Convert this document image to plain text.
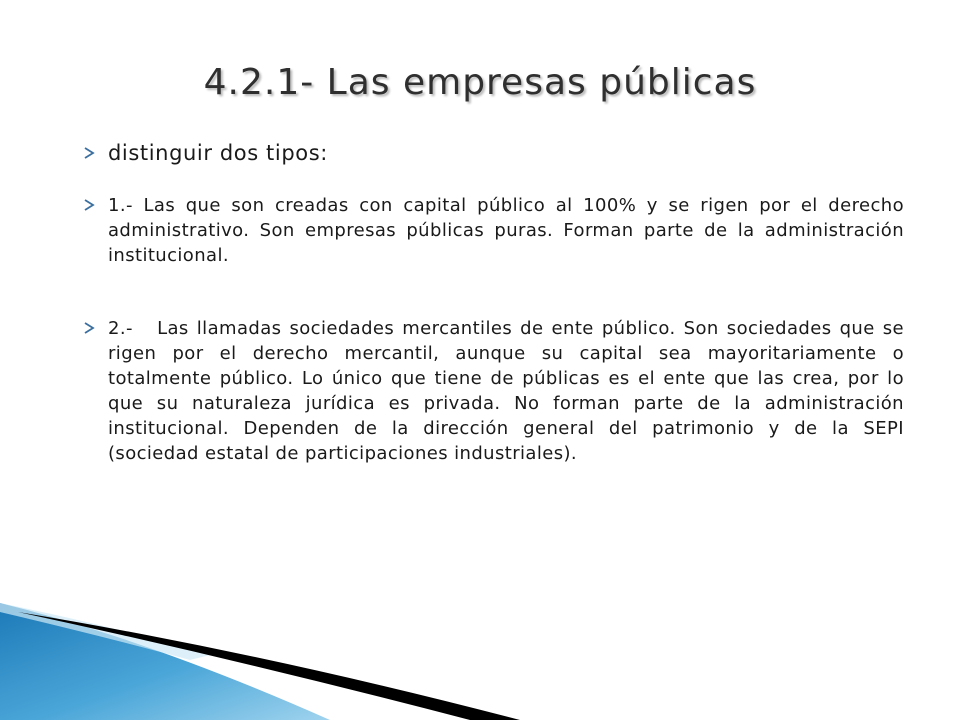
4.2.1- Las empresas públicas
distinguir dos tipos:
1.- Las que son creadas con capital público al 100% y se rigen por el derecho administrativo. Son empresas públicas puras. Forman parte de la administración institucional.
2.-   Las llamadas sociedades mercantiles de ente público. Son sociedades que se rigen por el derecho mercantil, aunque su capital sea mayoritariamente o totalmente público. Lo único que tiene de públicas es el ente que las crea, por lo que su naturaleza jurídica es privada. No forman parte de la administración institucional. Dependen de la dirección general del patrimonio y de la SEPI (sociedad estatal de participaciones industriales).
